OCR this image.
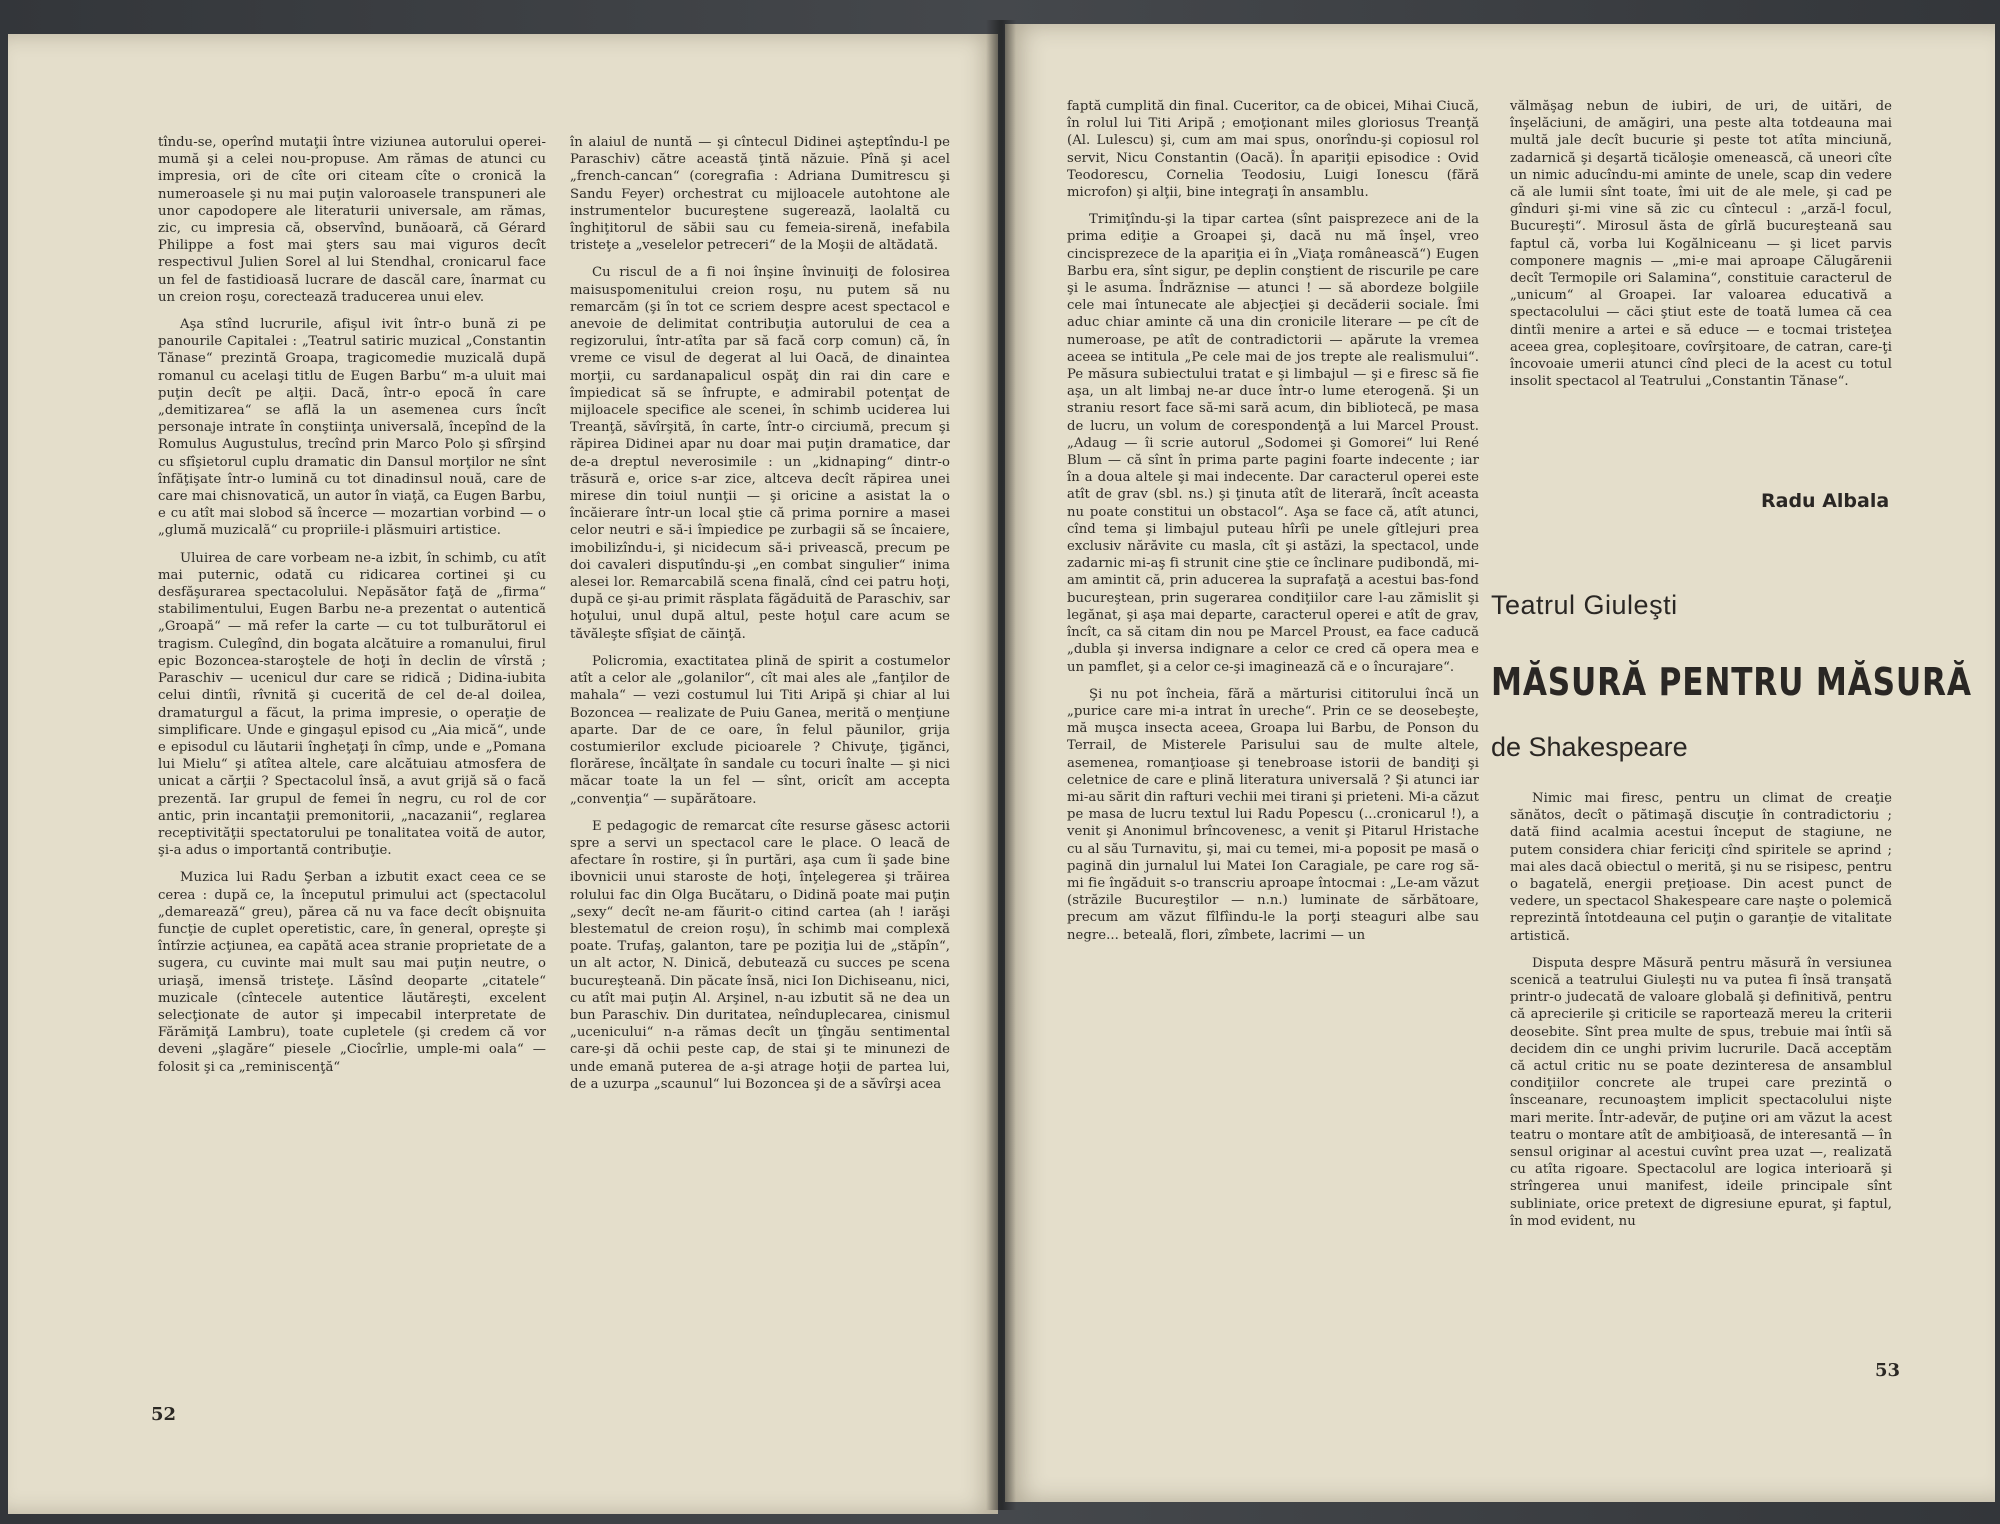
tîndu-se, operînd mutaţii între viziunea autorului operei-mumă şi a celei nou-propuse. Am rămas de atunci cu impresia, ori de cîte ori citeam cîte o cronică la numeroasele şi nu mai puţin valoroasele transpuneri ale unor capodopere ale literaturii universale, am rămas, zic, cu impresia că, observînd, bunăoară, că Gérard Philippe a fost mai şters sau mai viguros decît respectivul Julien Sorel al lui Stendhal, cronicarul face un fel de fastidioasă lucrare de dascăl care, înarmat cu un creion roşu, corectează traducerea unui elev.

Aşa stînd lucrurile, afişul ivit într-o bună zi pe panourile Capitalei : „Teatrul satiric muzical „Constantin Tănase“ prezintă Groapa, tragicomedie muzicală după romanul cu acelaşi titlu de Eugen Barbu“ m-a uluit mai puţin decît pe alţii. Dacă, într-o epocă în care „demitizarea“ se află la un asemenea curs încît personaje intrate în conştiinţa universală, începînd de la Romulus Augustulus, trecînd prin Marco Polo şi sfîrşind cu sfîşietorul cuplu dramatic din Dansul morţilor ne sînt înfăţişate într-o lumină cu tot dinadinsul nouă, care de care mai chisnovatică, un autor în viaţă, ca Eugen Barbu, e cu atît mai slobod să încerce — mozartian vorbind — o „glumă muzicală“ cu propriile-i plăsmuiri artistice.

Uluirea de care vorbeam ne-a izbit, în schimb, cu atît mai puternic, odată cu ridicarea cortinei şi cu desfăşurarea spectacolului. Nepăsător faţă de „firma“ stabilimentului, Eugen Barbu ne-a prezentat o autentică „Groapă“ — mă refer la carte — cu tot tulburătorul ei tragism. Culegînd, din bogata alcătuire a romanului, firul epic Bozoncea-staroştele de hoţi în declin de vîrstă ; Paraschiv — ucenicul dur care se ridică ; Didina-iubita celui dintîi, rîvnită şi cucerită de cel de-al doilea, dramaturgul a făcut, la prima impresie, o operaţie de simplificare. Unde e gingaşul episod cu „Aia mică“, unde e episodul cu lăutarii îngheţaţi în cîmp, unde e „Pomana lui Mielu“ şi atîtea altele, care alcătuiau atmosfera de unicat a cărţii ? Spectacolul însă, a avut grijă să o facă prezentă. Iar grupul de femei în negru, cu rol de cor antic, prin incantaţii premonitorii, „nacazanii“, reglarea receptivităţii spectatorului pe tonalitatea voită de autor, şi-a adus o importantă contribuţie.

Muzica lui Radu Şerban a izbutit exact ceea ce se cerea : după ce, la începutul primului act (spectacolul „demarează“ greu), părea că nu va face decît obişnuita funcţie de cuplet operetistic, care, în general, opreşte şi întîrzie acţiunea, ea capătă acea stranie proprietate de a sugera, cu cuvinte mai mult sau mai puţin neutre, o uriaşă, imensă tristeţe. Lăsînd deoparte „citatele“ muzicale (cîntecele autentice lăutăreşti, excelent selecţionate de autor şi impecabil interpretate de Fărămiţă Lambru), toate cupletele (şi credem că vor deveni „şlagăre“ piesele „Ciocîrlie, umple-mi oala“ — folosit şi ca „reminiscenţă“

în alaiul de nuntă — şi cîntecul Didinei aşteptîndu-l pe Paraschiv) către această ţintă năzuie. Pînă şi acel „french-cancan“ (coregrafia : Adriana Dumitrescu şi Sandu Feyer) orchestrat cu mijloacele autohtone ale instrumentelor bucureştene sugerează, laolaltă cu înghiţitorul de săbii sau cu femeia-sirenă, inefabila tristeţe a „veselelor petreceri“ de la Moşii de altădată.

Cu riscul de a fi noi înşine învinuiţi de folosirea maisuspomenitului creion roşu, nu putem să nu remarcăm (şi în tot ce scriem despre acest spectacol e anevoie de delimitat contribuţia autorului de cea a regizorului, într-atîta par să facă corp comun) că, în vreme ce visul de degerat al lui Oacă, de dinaintea morţii, cu sardanapalicul ospăţ din rai din care e împiedicat să se înfrupte, e admirabil potenţat de mijloacele specifice ale scenei, în schimb uciderea lui Treanţă, săvîrşită, în carte, într-o circiumă, precum şi răpirea Didinei apar nu doar mai puţin dramatice, dar de-a dreptul neverosimile : un „kidnaping“ dintr-o trăsură e, orice s-ar zice, altceva decît răpirea unei mirese din toiul nunţii — şi oricine a asistat la o încăierare într-un local ştie că prima pornire a masei celor neutri e să-i împiedice pe zurbagii să se încaiere, imobilizîndu-i, şi nicidecum să-i privească, precum pe doi cavaleri disputîndu-şi „en combat singulier“ inima alesei lor. Remarcabilă scena finală, cînd cei patru hoţi, după ce şi-au primit răsplata făgăduită de Paraschiv, sar hoţului, unul după altul, peste hoţul care acum se tăvăleşte sfîşiat de căinţă.

Policromia, exactitatea plină de spirit a costumelor atît a celor ale „golanilor“, cît mai ales ale „fanţilor de mahala“ — vezi costumul lui Titi Aripă şi chiar al lui Bozoncea — realizate de Puiu Ganea, merită o menţiune aparte. Dar de ce oare, în felul păunilor, grija costumierilor exclude picioarele ? Chivuţe, ţigănci, florărese, încălţate în sandale cu tocuri înalte — şi nici măcar toate la un fel — sînt, oricît am accepta „convenţia“ — supărătoare.

E pedagogic de remarcat cîte resurse găsesc actorii spre a servi un spectacol care le place. O leacă de afectare în rostire, şi în purtări, aşa cum îi şade bine ibovnicii unui staroste de hoţi, înţelegerea şi trăirea rolului fac din Olga Bucătaru, o Didină poate mai puţin „sexy“ decît ne-am făurit-o citind cartea (ah ! iarăşi blestematul de creion roşu), în schimb mai complexă poate. Trufaş, galanton, tare pe poziţia lui de „stăpîn“, un alt actor, N. Dinică, debutează cu succes pe scena bucureşteană. Din păcate însă, nici Ion Dichiseanu, nici, cu atît mai puţin Al. Arşinel, n-au izbutit să ne dea un bun Paraschiv. Din duritatea, neînduplecarea, cinismul „ucenicului“ n-a rămas decît un ţîngău sentimental care-şi dă ochii peste cap, de stai şi te minunezi de unde emană puterea de a-şi atrage hoţii de partea lui, de a uzurpa „scaunul“ lui Bozoncea şi de a săvîrşi acea

52

faptă cumplită din final. Cuceritor, ca de obicei, Mihai Ciucă, în rolul lui Titi Aripă ; emoţionant miles gloriosus Treanţă (Al. Lulescu) şi, cum am mai spus, onorîndu-şi copiosul rol servit, Nicu Constantin (Oacă). În apariţii episodice : Ovid Teodorescu, Cornelia Teodosiu, Luigi Ionescu (fără microfon) şi alţii, bine integraţi în ansamblu.

Trimiţîndu-şi la tipar cartea (sînt paisprezece ani de la prima ediţie a Groapei şi, dacă nu mă înşel, vreo cincisprezece de la apariţia ei în „Viaţa românească“) Eugen Barbu era, sînt sigur, pe deplin conştient de riscurile pe care şi le asuma. Îndrăznise — atunci ! — să abordeze bolgiile cele mai întunecate ale abjecţiei şi decăderii sociale. Îmi aduc chiar aminte că una din cronicile literare — pe cît de numeroase, pe atît de contradictorii — apărute la vremea aceea se intitula „Pe cele mai de jos trepte ale realismului“. Pe măsura subiectului tratat e şi limbajul — şi e firesc să fie aşa, un alt limbaj ne-ar duce într-o lume eterogenă. Şi un straniu resort face să-mi sară acum, din bibliotecă, pe masa de lucru, un volum de corespondenţă a lui Marcel Proust. „Adaug — îi scrie autorul „Sodomei şi Gomorei“ lui René Blum — că sînt în prima parte pagini foarte indecente ; iar în a doua altele şi mai indecente. Dar caracterul operei este atît de grav (sbl. ns.) şi ţinuta atît de literară, încît aceasta nu poate constitui un obstacol“. Aşa se face că, atît atunci, cînd tema şi limbajul puteau hîrîi pe unele gîtlejuri prea exclusiv nărăvite cu masla, cît şi astăzi, la spectacol, unde zadarnic mi-aş fi strunit cine ştie ce înclinare pudibondă, mi-am amintit că, prin aducerea la suprafaţă a acestui bas-fond bucureştean, prin sugerarea condiţiilor care l-au zămislit şi legănat, şi aşa mai departe, caracterul operei e atît de grav, încît, ca să citam din nou pe Marcel Proust, ea face caducă „dubla şi inversa indignare a celor ce cred că opera mea e un pamflet, şi a celor ce-şi imaginează că e o încurajare“.

Şi nu pot încheia, fără a mărturisi cititorului încă un „purice care mi-a intrat în ureche“. Prin ce se deosebeşte, mă muşca insecta aceea, Groapa lui Barbu, de Ponson du Terrail, de Misterele Parisului sau de multe altele, asemenea, romanţioase şi tenebroase istorii de bandiţi şi celetnice de care e plină literatura universală ? Şi atunci iar mi-au sărit din rafturi vechii mei tirani şi prieteni. Mi-a căzut pe masa de lucru textul lui Radu Popescu (...cronicarul !), a venit şi Anonimul brîncovenesc, a venit şi Pitarul Hristache cu al său Turnavitu, şi, mai cu temei, mi-a poposit pe masă o pagină din jurnalul lui Matei Ion Caragiale, pe care rog să-mi fie îngăduit s-o transcriu aproape întocmai : „Le-am văzut (străzile Bucureştilor — n.n.) luminate de sărbătoare, precum am văzut fîlfîindu-le la porţi steaguri albe sau negre... beteală, flori, zîmbete, lacrimi — un

vălmăşag nebun de iubiri, de uri, de uitări, de înşelăciuni, de amăgiri, una peste alta totdeauna mai multă jale decît bucurie şi peste tot atîta minciună, zadarnică şi deşartă ticăloşie omenească, că uneori cîte un nimic aducîndu-mi aminte de unele, scap din vedere că ale lumii sînt toate, îmi uit de ale mele, şi cad pe gînduri şi-mi vine să zic cu cîntecul : „arză-l focul, Bucureşti“. Mirosul ăsta de gîrlă bucureşteană sau faptul că, vorba lui Kogălniceanu — şi licet parvis componere magnis — „mi-e mai aproape Călugărenii decît Termopile ori Salamina“, constituie caracterul de „unicum“ al Groapei. Iar valoarea educativă a spectacolului — căci ştiut este de toată lumea că cea dintîi menire a artei e să educe — e tocmai tristeţea aceea grea, copleşitoare, covîrşitoare, de catran, care-ţi încovoaie umerii atunci cînd pleci de la acest cu totul insolit spectacol al Teatrului „Constantin Tănase“.

Radu Albala
Teatrul Giuleşti
MĂSURĂ PENTRU MĂSURĂ
de Shakespeare

Nimic mai firesc, pentru un climat de creaţie sănătos, decît o pătimaşă discuţie în contradictoriu ; dată fiind acalmia acestui început de stagiune, ne putem considera chiar fericiţi cînd spiritele se aprind ; mai ales dacă obiectul o merită, şi nu se risipesc, pentru o bagatelă, energii preţioase. Din acest punct de vedere, un spectacol Shakespeare care naşte o polemică reprezintă întotdeauna cel puţin o garanţie de vitalitate artistică.

Disputa despre Măsură pentru măsură în versiunea scenică a teatrului Giuleşti nu va putea fi însă tranşată printr-o judecată de valoare globală şi definitivă, pentru că aprecierile şi criticile se raportează mereu la criterii deosebite. Sînt prea multe de spus, trebuie mai întîi să decidem din ce unghi privim lucrurile. Dacă acceptăm că actul critic nu se poate dezinteresa de ansamblul condiţiilor concrete ale trupei care prezintă o însceanare, recunoaştem implicit spectacolului nişte mari merite. Într-adevăr, de puţine ori am văzut la acest teatru o montare atît de ambiţioasă, de interesantă — în sensul originar al acestui cuvînt prea uzat —, realizată cu atîta rigoare. Spectacolul are logica interioară şi strîngerea unui manifest, ideile principale sînt subliniate, orice pretext de digresiune epurat, şi faptul, în mod evident, nu

53
